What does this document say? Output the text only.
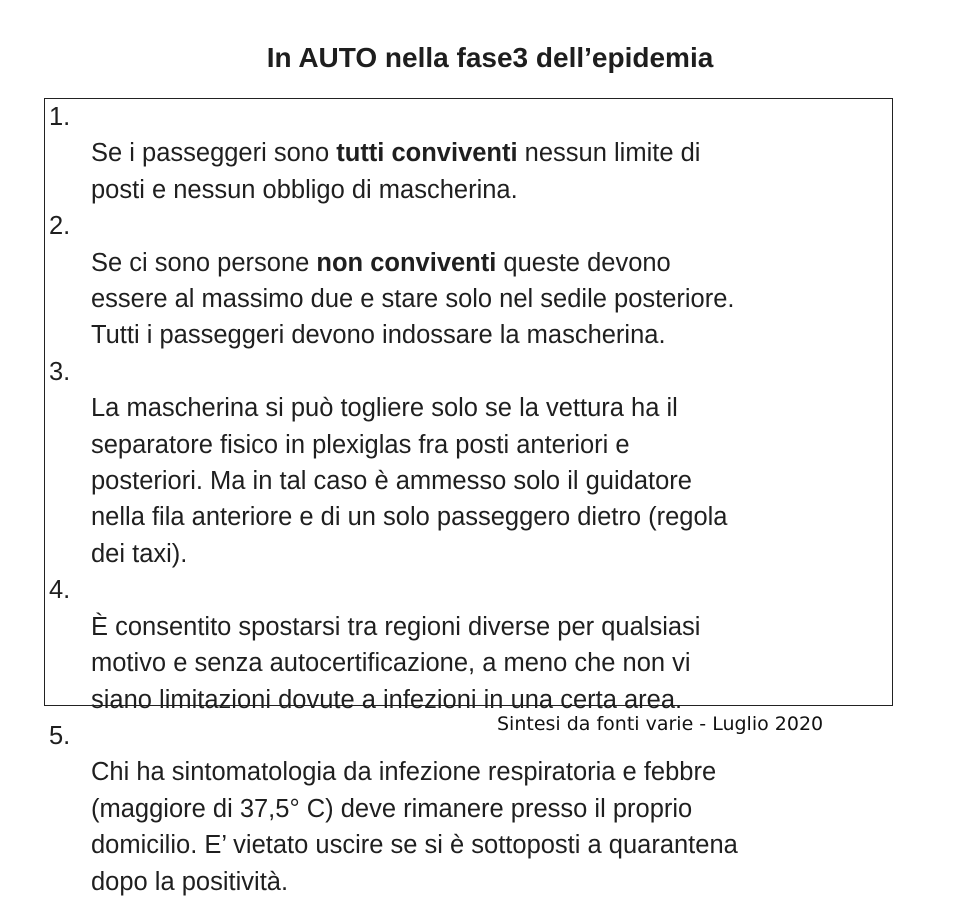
In AUTO nella fase3 dell’epidemia

1.
Se i passeggeri sono tutti conviventi nessun limite di
posti e nessun obbligo di mascherina.

2.
Se ci sono persone non conviventi queste devono
essere al massimo due e stare solo nel sedile posteriore.
Tutti i passeggeri devono indossare la mascherina.

3.
La mascherina si può togliere solo se la vettura ha il
separatore fisico in plexiglas fra posti anteriori e
posteriori. Ma in tal caso è ammesso solo il guidatore
nella fila anteriore e di un solo passeggero dietro (regola
dei taxi).

4.
È consentito spostarsi tra regioni diverse per qualsiasi
motivo e senza autocertificazione, a meno che non vi
siano limitazioni dovute a infezioni in una certa area.

5.
Chi ha sintomatologia da infezione respiratoria e febbre
(maggiore di 37,5° C) deve rimanere presso il proprio
domicilio. E’ vietato uscire se si è sottoposti a quarantena
dopo la positività.

Sintesi da fonti varie - Luglio 2020
